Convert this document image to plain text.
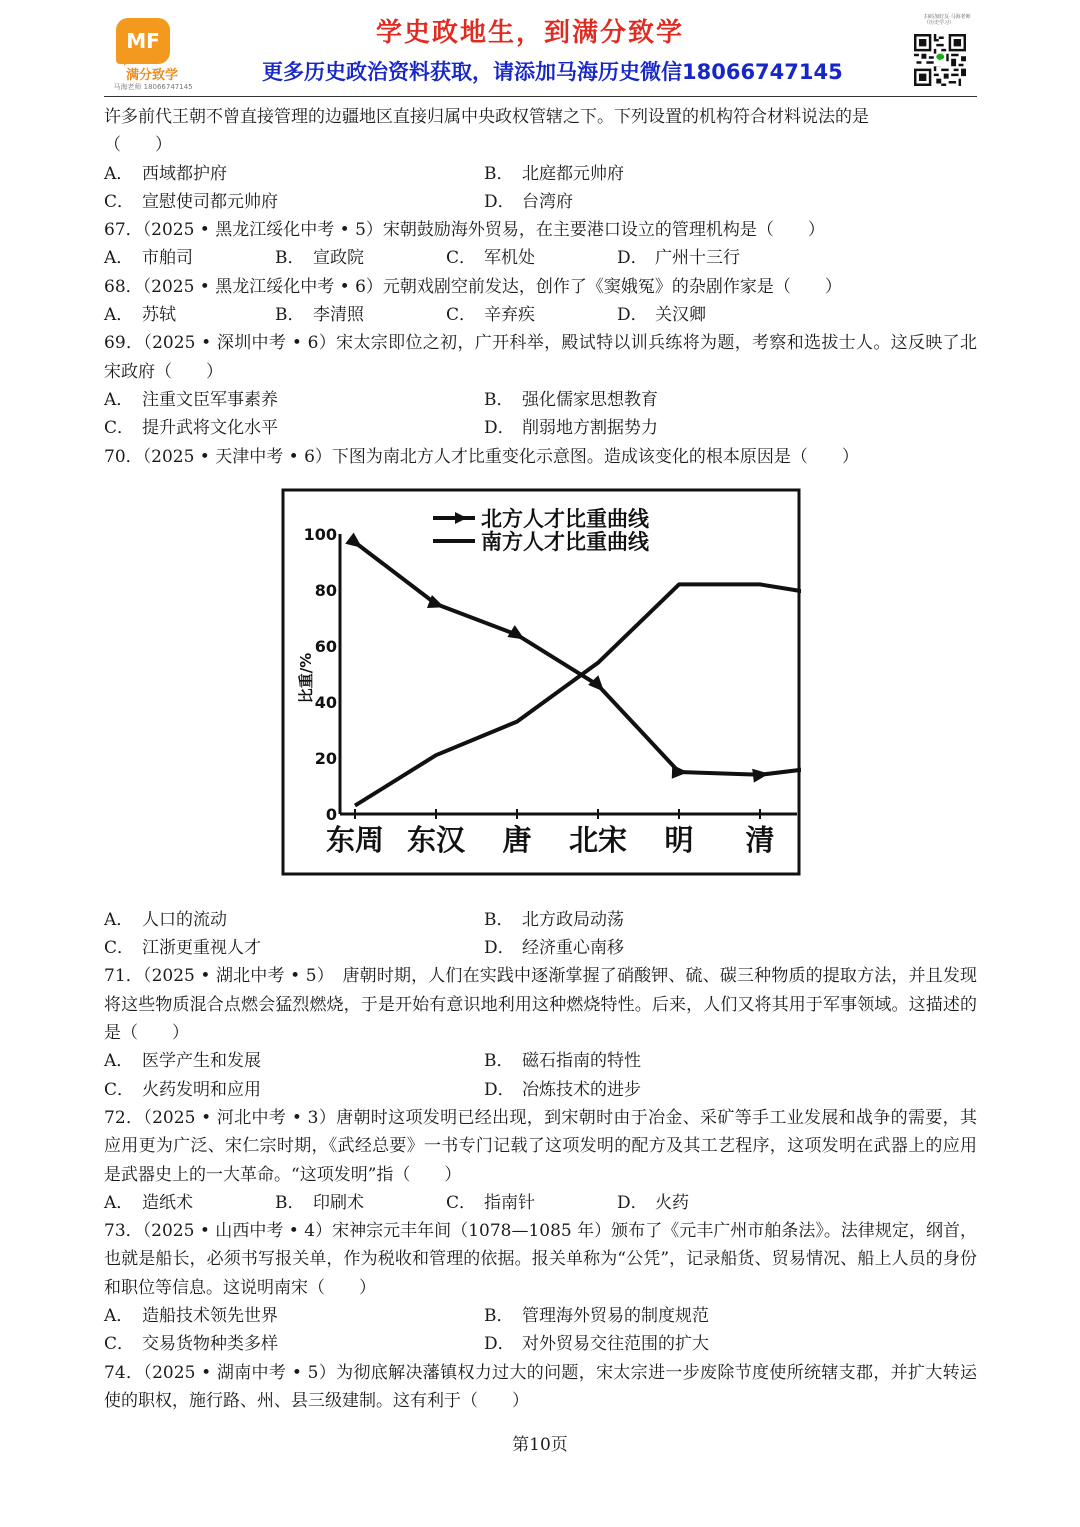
MF
满分致学
马海老师 18066747145
学史政地生，到满分致学
更多历史政治资料获取，请添加马海历史微信18066747145
扫码加好友·马海老师（历史学习）
许多前代王朝不曾直接管理的边疆地区直接归属中央政权管辖之下。下列设置的机构符合材料说法的是
（　　）
A． 西域都护府	B． 北庭都元帅府
C． 宣慰使司都元帅府	D． 台湾府
67．（2025 • 黑龙江绥化中考 • 5）宋朝鼓励海外贸易，在主要港口设立的管理机构是（　　）
A． 市舶司	B． 宣政院	C． 军机处	D． 广州十三行
68．（2025 • 黑龙江绥化中考 • 6）元朝戏剧空前发达，创作了《窦娥冤》的杂剧作家是（　　）
A． 苏轼	B． 李清照	C． 辛弃疾	D． 关汉卿
69．（2025 • 深圳中考 • 6）宋太宗即位之初，广开科举，殿试特以训兵练将为题，考察和选拔士人。这反映了北宋政府（　　）
A． 注重文臣军事素养	B． 强化儒家思想教育
C． 提升武将文化水平	D． 削弱地方割据势力
70．（2025 • 天津中考 • 6）下图为南北方人才比重变化示意图。造成该变化的根本原因是（　　）
比重/%
北方人才比重曲线
南方人才比重曲线
0
20
40
60
80
100
东周 东汉 唐 北宋 明 清
A． 人口的流动	B． 北方政局动荡
C． 江浙更重视人才	D． 经济重心南移
71．（2025 • 湖北中考 • 5）　唐朝时期，人们在实践中逐渐掌握了硝酸钾、硫、碳三种物质的提取方法，并且发现将这些物质混合点燃会猛烈燃烧，于是开始有意识地利用这种燃烧特性。后来，人们又将其用于军事领域。这描述的是（　　）
A． 医学产生和发展	B． 磁石指南的特性
C． 火药发明和应用	D． 冶炼技术的进步
72．（2025 • 河北中考 • 3）唐朝时这项发明已经出现，到宋朝时由于冶金、采矿等手工业发展和战争的需要，其应用更为广泛、宋仁宗时期，《武经总要》一书专门记载了这项发明的配方及其工艺程序，这项发明在武器上的应用是武器史上的一大革命。“这项发明”指（　　）
A． 造纸术	B． 印刷术	C． 指南针	D． 火药
73．（2025 • 山西中考 • 4）宋神宗元丰年间（1078—1085 年）颁布了《元丰广州市舶条法》。法律规定，纲首，也就是船长，必须书写报关单，作为税收和管理的依据。报关单称为“公凭”，记录船货、贸易情况、船上人员的身份和职位等信息。这说明南宋（　　）
A． 造船技术领先世界	B． 管理海外贸易的制度规范
C． 交易货物种类多样	D． 对外贸易交往范围的扩大
74．（2025 • 湖南中考 • 5）为彻底解决藩镇权力过大的问题，宋太宗进一步废除节度使所统辖支郡，并扩大转运使的职权，施行路、州、县三级建制。这有利于（　　）
第10页
